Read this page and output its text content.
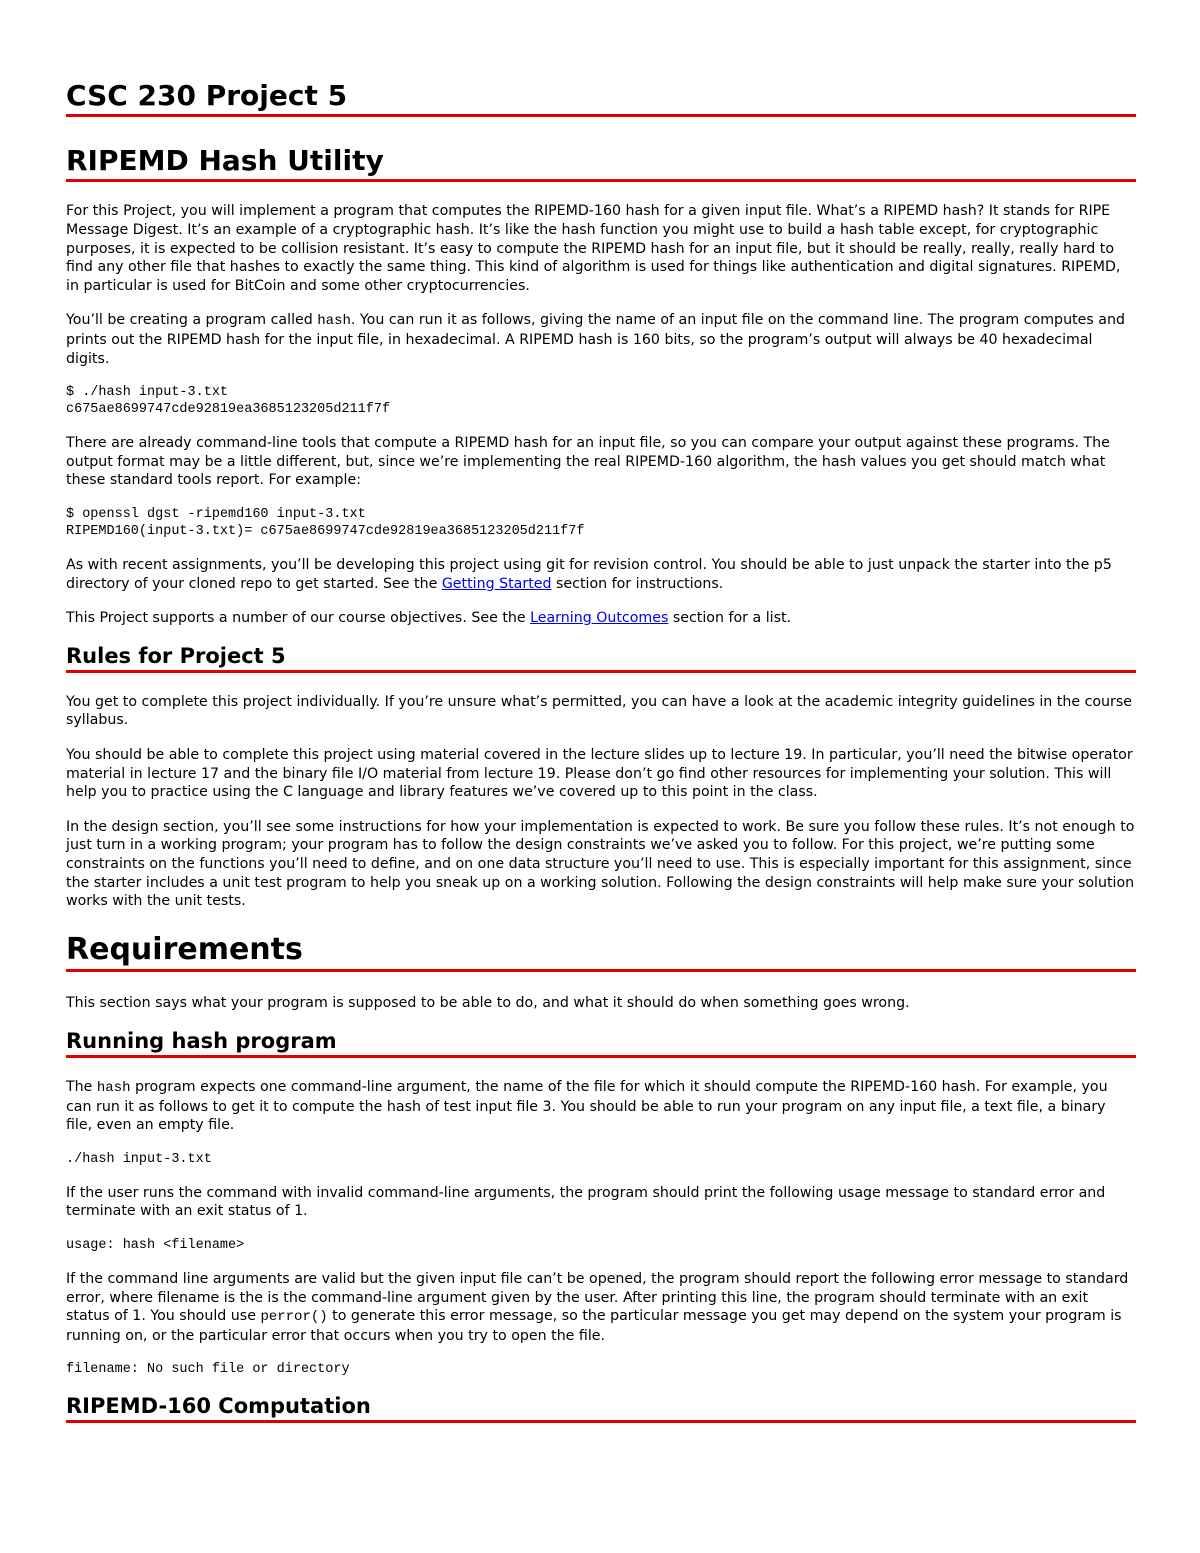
CSC 230 Project 5
RIPEMD Hash Utility

For this Project, you will implement a program that computes the RIPEMD-160 hash for a given input file. What’s a RIPEMD hash? It stands for RIPE Message Digest. It’s an example of a cryptographic hash. It’s like the hash function you might use to build a hash table except, for cryptographic purposes, it is expected to be collision resistant. It’s easy to compute the RIPEMD hash for an input file, but it should be really, really, really hard to find any other file that hashes to exactly the same thing. This kind of algorithm is used for things like authentication and digital signatures. RIPEMD, in particular is used for BitCoin and some other cryptocurrencies.

You’ll be creating a program called hash. You can run it as follows, giving the name of an input file on the command line. The program computes and prints out the RIPEMD hash for the input file, in hexadecimal. A RIPEMD hash is 160 bits, so the program’s output will always be 40 hexadecimal digits.

$ ./hash input-3.txt
c675ae8699747cde92819ea3685123205d211f7f

There are already command-line tools that compute a RIPEMD hash for an input file, so you can compare your output against these programs. The output format may be a little different, but, since we’re implementing the real RIPEMD-160 algorithm, the hash values you get should match what these standard tools report. For example:

$ openssl dgst -ripemd160 input-3.txt
RIPEMD160(input-3.txt)= c675ae8699747cde92819ea3685123205d211f7f

As with recent assignments, you’ll be developing this project using git for revision control. You should be able to just unpack the starter into the p5 directory of your cloned repo to get started. See the Getting Started section for instructions.

This Project supports a number of our course objectives. See the Learning Outcomes section for a list.

Rules for Project 5

You get to complete this project individually. If you’re unsure what’s permitted, you can have a look at the academic integrity guidelines in the course syllabus.

You should be able to complete this project using material covered in the lecture slides up to lecture 19. In particular, you’ll need the bitwise operator material in lecture 17 and the binary file I/O material from lecture 19. Please don’t go find other resources for implementing your solution. This will help you to practice using the C language and library features we’ve covered up to this point in the class.

In the design section, you’ll see some instructions for how your implementation is expected to work. Be sure you follow these rules. It’s not enough to just turn in a working program; your program has to follow the design constraints we’ve asked you to follow. For this project, we’re putting some constraints on the functions you’ll need to define, and on one data structure you’ll need to use. This is especially important for this assignment, since the starter includes a unit test program to help you sneak up on a working solution. Following the design constraints will help make sure your solution works with the unit tests.

Requirements

This section says what your program is supposed to be able to do, and what it should do when something goes wrong.

Running hash program

The hash program expects one command-line argument, the name of the file for which it should compute the RIPEMD-160 hash. For example, you can run it as follows to get it to compute the hash of test input file 3. You should be able to run your program on any input file, a text file, a binary file, even an empty file.

./hash input-3.txt

If the user runs the command with invalid command-line arguments, the program should print the following usage message to standard error and terminate with an exit status of 1.

usage: hash <filename>

If the command line arguments are valid but the given input file can’t be opened, the program should report the following error message to standard error, where filename is the is the command-line argument given by the user. After printing this line, the program should terminate with an exit status of 1. You should use perror() to generate this error message, so the particular message you get may depend on the system your program is running on, or the particular error that occurs when you try to open the file.

filename: No such file or directory
RIPEMD-160 Computation
